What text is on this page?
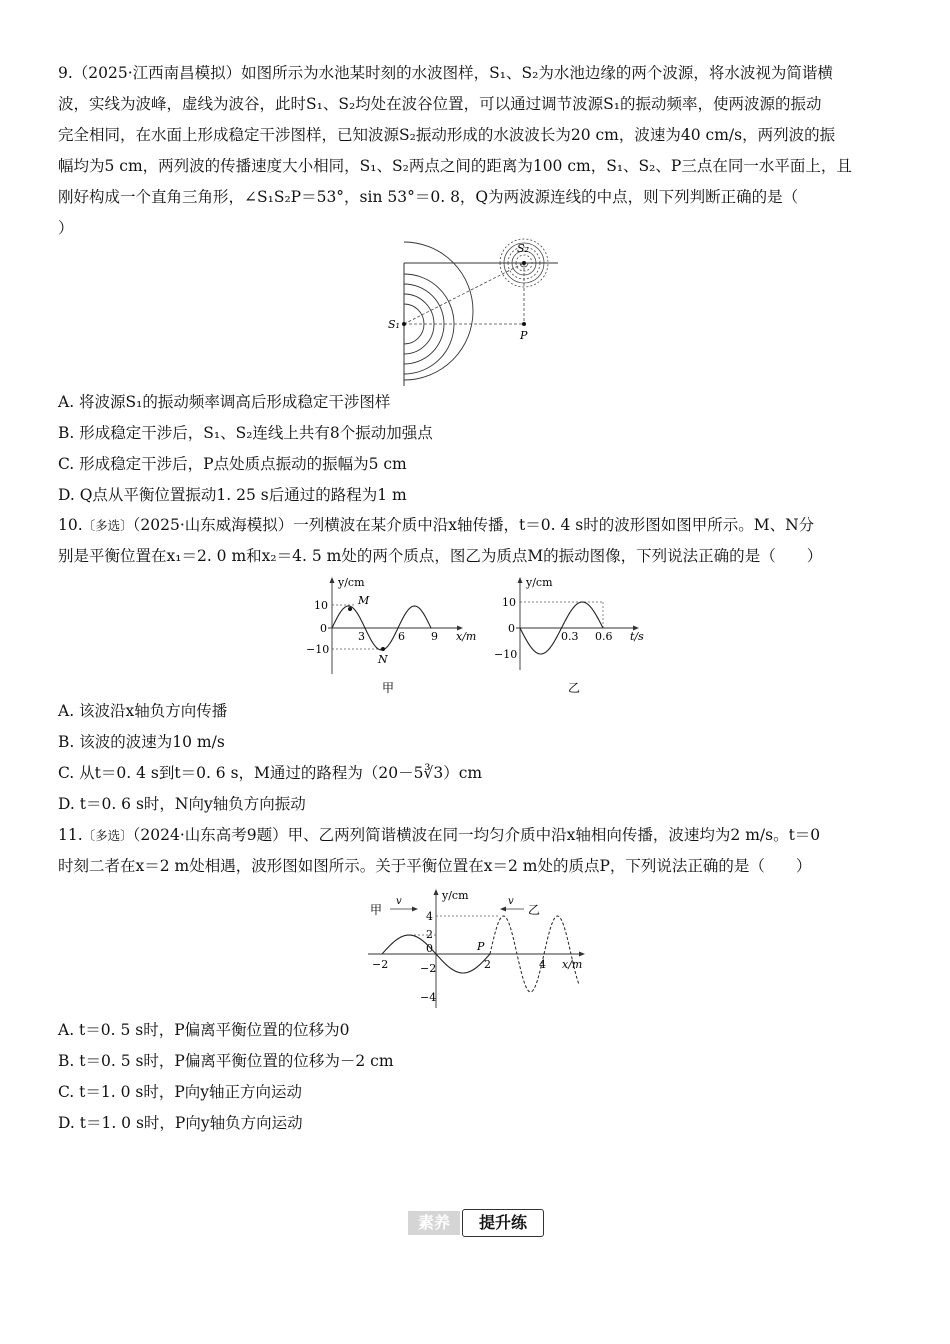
9.（2025·江西南昌模拟）如图所示为水池某时刻的水波图样，S₁、S₂为水池边缘的两个波源，将水波视为简谐横
波，实线为波峰，虚线为波谷，此时S₁、S₂均处在波谷位置，可以通过调节波源S₁的振动频率，使两波源的振动
完全相同，在水面上形成稳定干涉图样，已知波源S₂振动形成的水波波长为20 cm，波速为40 cm/s，两列波的振
幅均为5 cm，两列波的传播速度大小相同，S₁、S₂两点之间的距离为100 cm，S₁、S₂、P三点在同一水平面上，且
刚好构成一个直角三角形，∠S₁S₂P＝53°，sin 53°＝0. 8，Q为两波源连线的中点，则下列判断正确的是（
）

S₁
S₂
P

A. 将波源S₁的振动频率调高后形成稳定干涉图样

B. 形成稳定干涉后，S₁、S₂连线上共有8个振动加强点

C. 形成稳定干涉后，P点处质点振动的振幅为5 cm

D. Q点从平衡位置振动1. 25 s后通过的路程为1 m

10.〔多选〕（2025·山东威海模拟）一列横波在某介质中沿x轴传播，t＝0. 4 s时的波形图如图甲所示。M、N分
别是平衡位置在x₁＝2. 0 m和x₂＝4. 5 m处的两个质点，图乙为质点M的振动图像，下列说法正确的是（　　）

y/cm
x/m
10
0
−10
3	6 9
M
N
甲
y/cm
t/s
10
0
−10
0.3 0.6
乙

A. 该波沿x轴负方向传播

B. 该波的波速为10 m/s

C. 从t＝0. 4 s到t＝0. 6 s，M通过的路程为（20－5∛3）cm

D. t＝0. 6 s时，N向y轴负方向振动

11.〔多选〕（2024·山东高考9题）甲、乙两列简谐横波在同一均匀介质中沿x轴相向传播，波速均为2 m/s。t＝0
时刻二者在x＝2 m处相遇，波形图如图所示。关于平衡位置在x＝2 m处的质点P，下列说法正确的是（　　）

y/cm
x/m
4
2
0
−2
−4
−2	2	4
甲
v	v
乙
P

A. t＝0. 5 s时，P偏离平衡位置的位移为0

B. t＝0. 5 s时，P偏离平衡位置的位移为－2 cm

C. t＝1. 0 s时，P向y轴正方向运动

D. t＝1. 0 s时，P向y轴负方向运动

素养	提升练
